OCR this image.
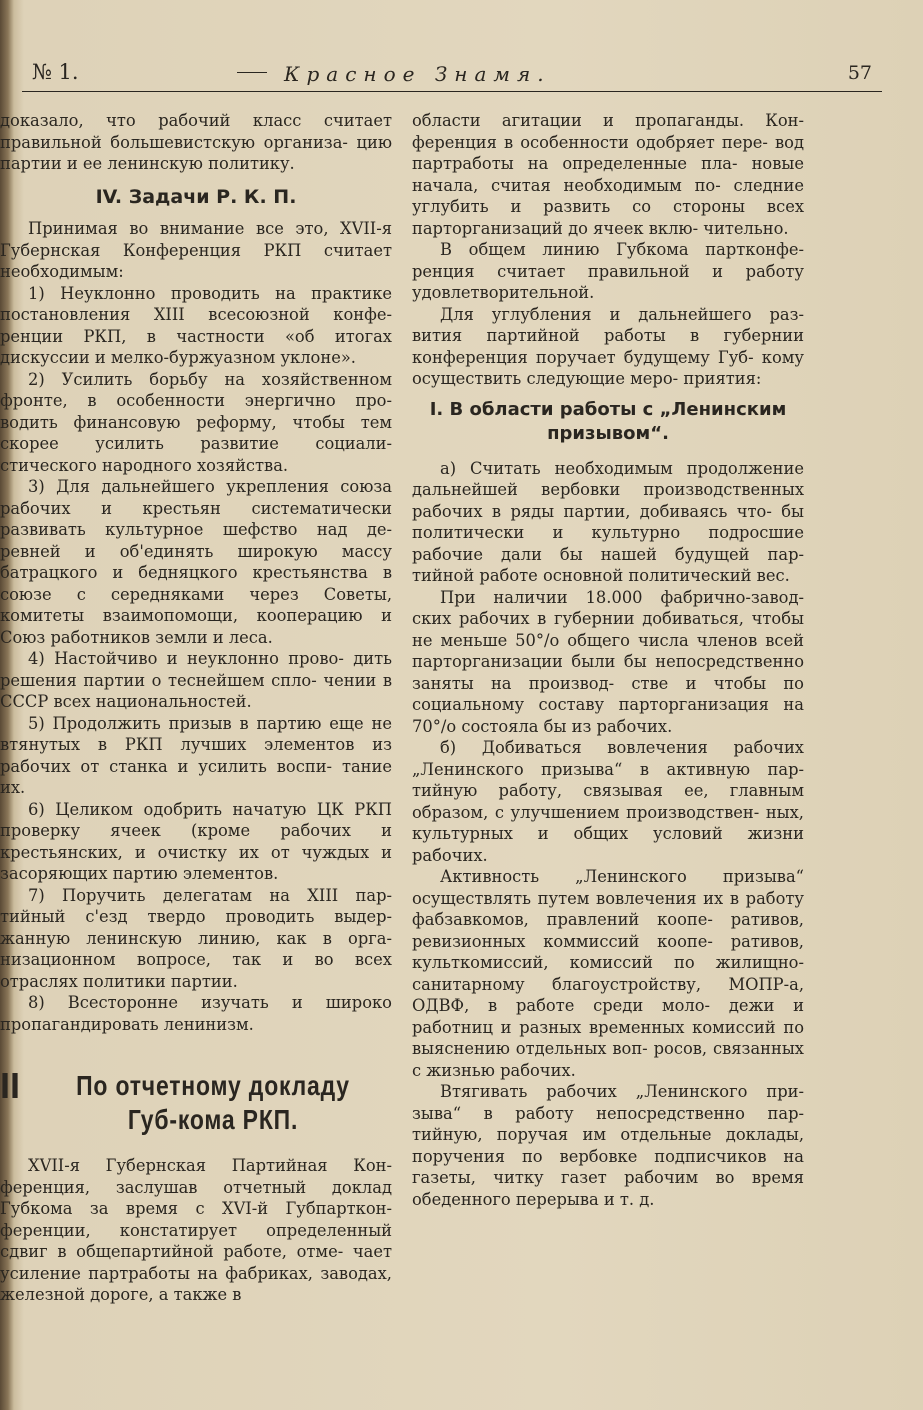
№ 1.	Красное Знамя.	57

доказало, что рабочий класс считает правильной большевистскую организа- цию партии и ее ленинскую политику.

IV. Задачи Р. К. П.

Принимая во внимание все это, XVII-я Губернская Конференция РКП считает необходимым:

1) Неуклонно проводить на практике постановления XIII всесоюзной конфе- ренции РКП, в частности «об итогах дискуссии и мелко-буржуазном уклоне».

2) Усилить борьбу на хозяйственном фронте, в особенности энергично про- водить финансовую реформу, чтобы тем скорее усилить развитие социали- стического народного хозяйства.

3) Для дальнейшего укрепления союза рабочих и крестьян систематически развивать культурное шефство над де- ревней и об'единять широкую массу батрацкого и бедняцкого крестьянства в союзе с середняками через Советы, комитеты взаимопомощи, кооперацию и Союз работников земли и леса.

4) Настойчиво и неуклонно прово- дить решения партии о теснейшем спло- чении в СССР всех национальностей.

5) Продолжить призыв в партию еще не втянутых в РКП лучших элементов из рабочих от станка и усилить воспи- тание их.

6) Целиком одобрить начатую ЦК РКП проверку ячеек (кроме рабочих и крестьянских, и очистку их от чуждых и засоряющих партию элементов.

7) Поручить делегатам на XIII пар- тийный с'езд твердо проводить выдер- жанную ленинскую линию, как в орга- низационном вопросе, так и во всех отраслях политики партии.

8) Всесторонне изучать и широко пропагандировать ленинизм.

II	По отчетному докладу Губ-кома РКП.

XVII-я Губернская Партийная Кон- ференция, заслушав отчетный доклад Губкома за время с XVI-й Губпарткон- ференции, констатирует определенный сдвиг в общепартийной работе, отме- чает усиление партработы на фабриках, заводах, железной дороге, а также в

области агитации и пропаганды. Кон- ференция в особенности одобряет пере- вод партработы на определенные пла- новые начала, считая необходимым по- следние углубить и развить со стороны всех парторганизаций до ячеек вклю- чительно.

В общем линию Губкома партконфе- ренция считает правильной и работу удовлетворительной.

Для углубления и дальнейшего раз- вития партийной работы в губернии конференция поручает будущему Губ- кому осуществить следующие меро- приятия:

I. В области работы с „Ленинским призывом“.

а) Считать необходимым продолжение дальнейшей вербовки производственных рабочих в ряды партии, добиваясь что- бы политически и культурно подросшие рабочие дали бы нашей будущей пар- тийной работе основной политический вес.

При наличии 18.000 фабрично-завод- ских рабочих в губернии добиваться, чтобы не меньше 50°/о общего числа членов всей парторганизации были бы непосредственно заняты на производ- стве и чтобы по социальному составу парторганизация на 70°/о состояла бы из рабочих.

б) Добиваться вовлечения рабочих „Ленинского призыва“ в активную пар- тийную работу, связывая ее, главным образом, с улучшением производствен- ных, культурных и общих условий жизни рабочих.

Активность „Ленинского призыва“ осуществлять путем вовлечения их в работу фабзавкомов, правлений коопе- ративов, ревизионных коммиссий коопе- ративов, культкомиссий, комиссий по жилищно-санитарному благоустройству, МОПР-а, ОДВФ, в работе среди моло- дежи и работниц и разных временных комиссий по выяснению отдельных воп- росов, связанных с жизнью рабочих.

Втягивать рабочих „Ленинского при- зыва“ в работу непосредственно пар- тийную, поручая им отдельные доклады, поручения по вербовке подписчиков на газеты, читку газет рабочим во время обеденного перерыва и т. д.
